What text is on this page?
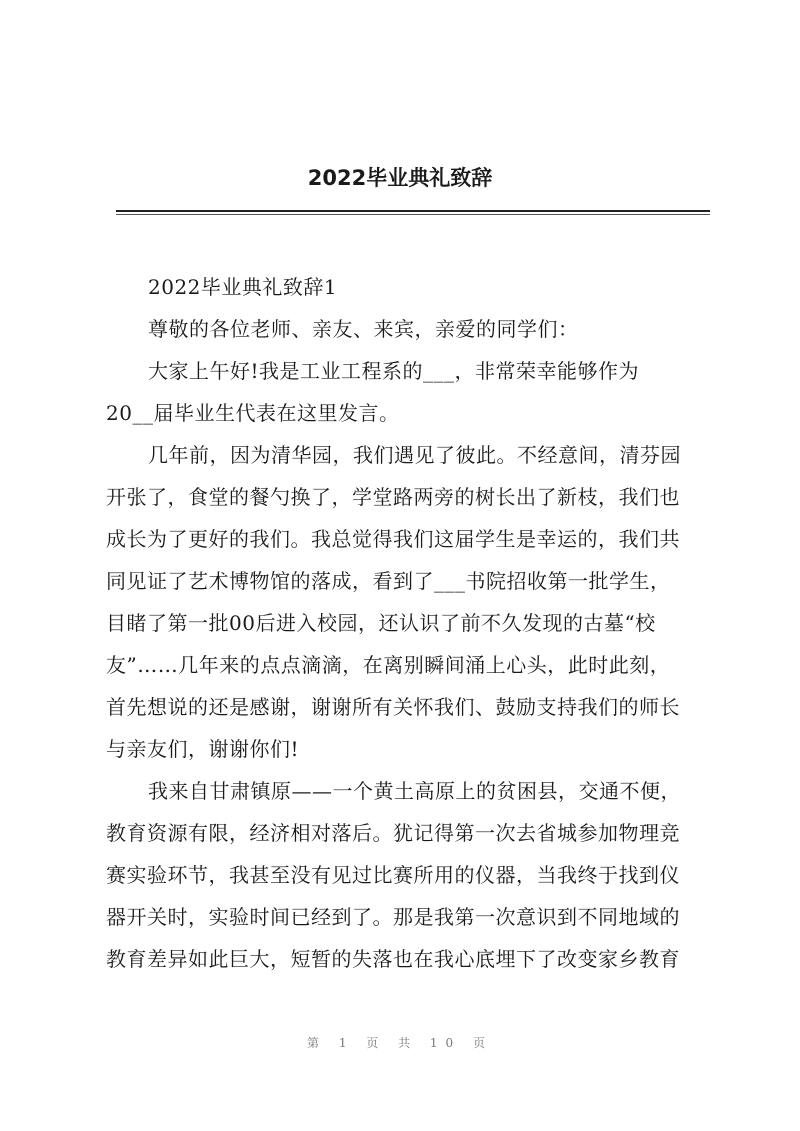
2022毕业典礼致辞
2022毕业典礼致辞1
尊敬的各位老师、亲友、来宾，亲爱的同学们：
大家上午好!我是工业工程系的___，非常荣幸能够作为
20__届毕业生代表在这里发言。
几年前，因为清华园，我们遇见了彼此。不经意间，清芬园
开张了，食堂的餐勺换了，学堂路两旁的树长出了新枝，我们也
成长为了更好的我们。我总觉得我们这届学生是幸运的，我们共
同见证了艺术博物馆的落成，看到了___书院招收第一批学生，
目睹了第一批00后进入校园，还认识了前不久发现的古墓“校
友”……几年来的点点滴滴，在离别瞬间涌上心头，此时此刻，
首先想说的还是感谢，谢谢所有关怀我们、鼓励支持我们的师长
与亲友们，谢谢你们!
我来自甘肃镇原——一个黄土高原上的贫困县，交通不便，
教育资源有限，经济相对落后。犹记得第一次去省城参加物理竞
赛实验环节，我甚至没有见过比赛所用的仪器，当我终于找到仪
器开关时，实验时间已经到了。那是我第一次意识到不同地域的
教育差异如此巨大，短暂的失落也在我心底埋下了改变家乡教育
第 1 页 共 10 页
